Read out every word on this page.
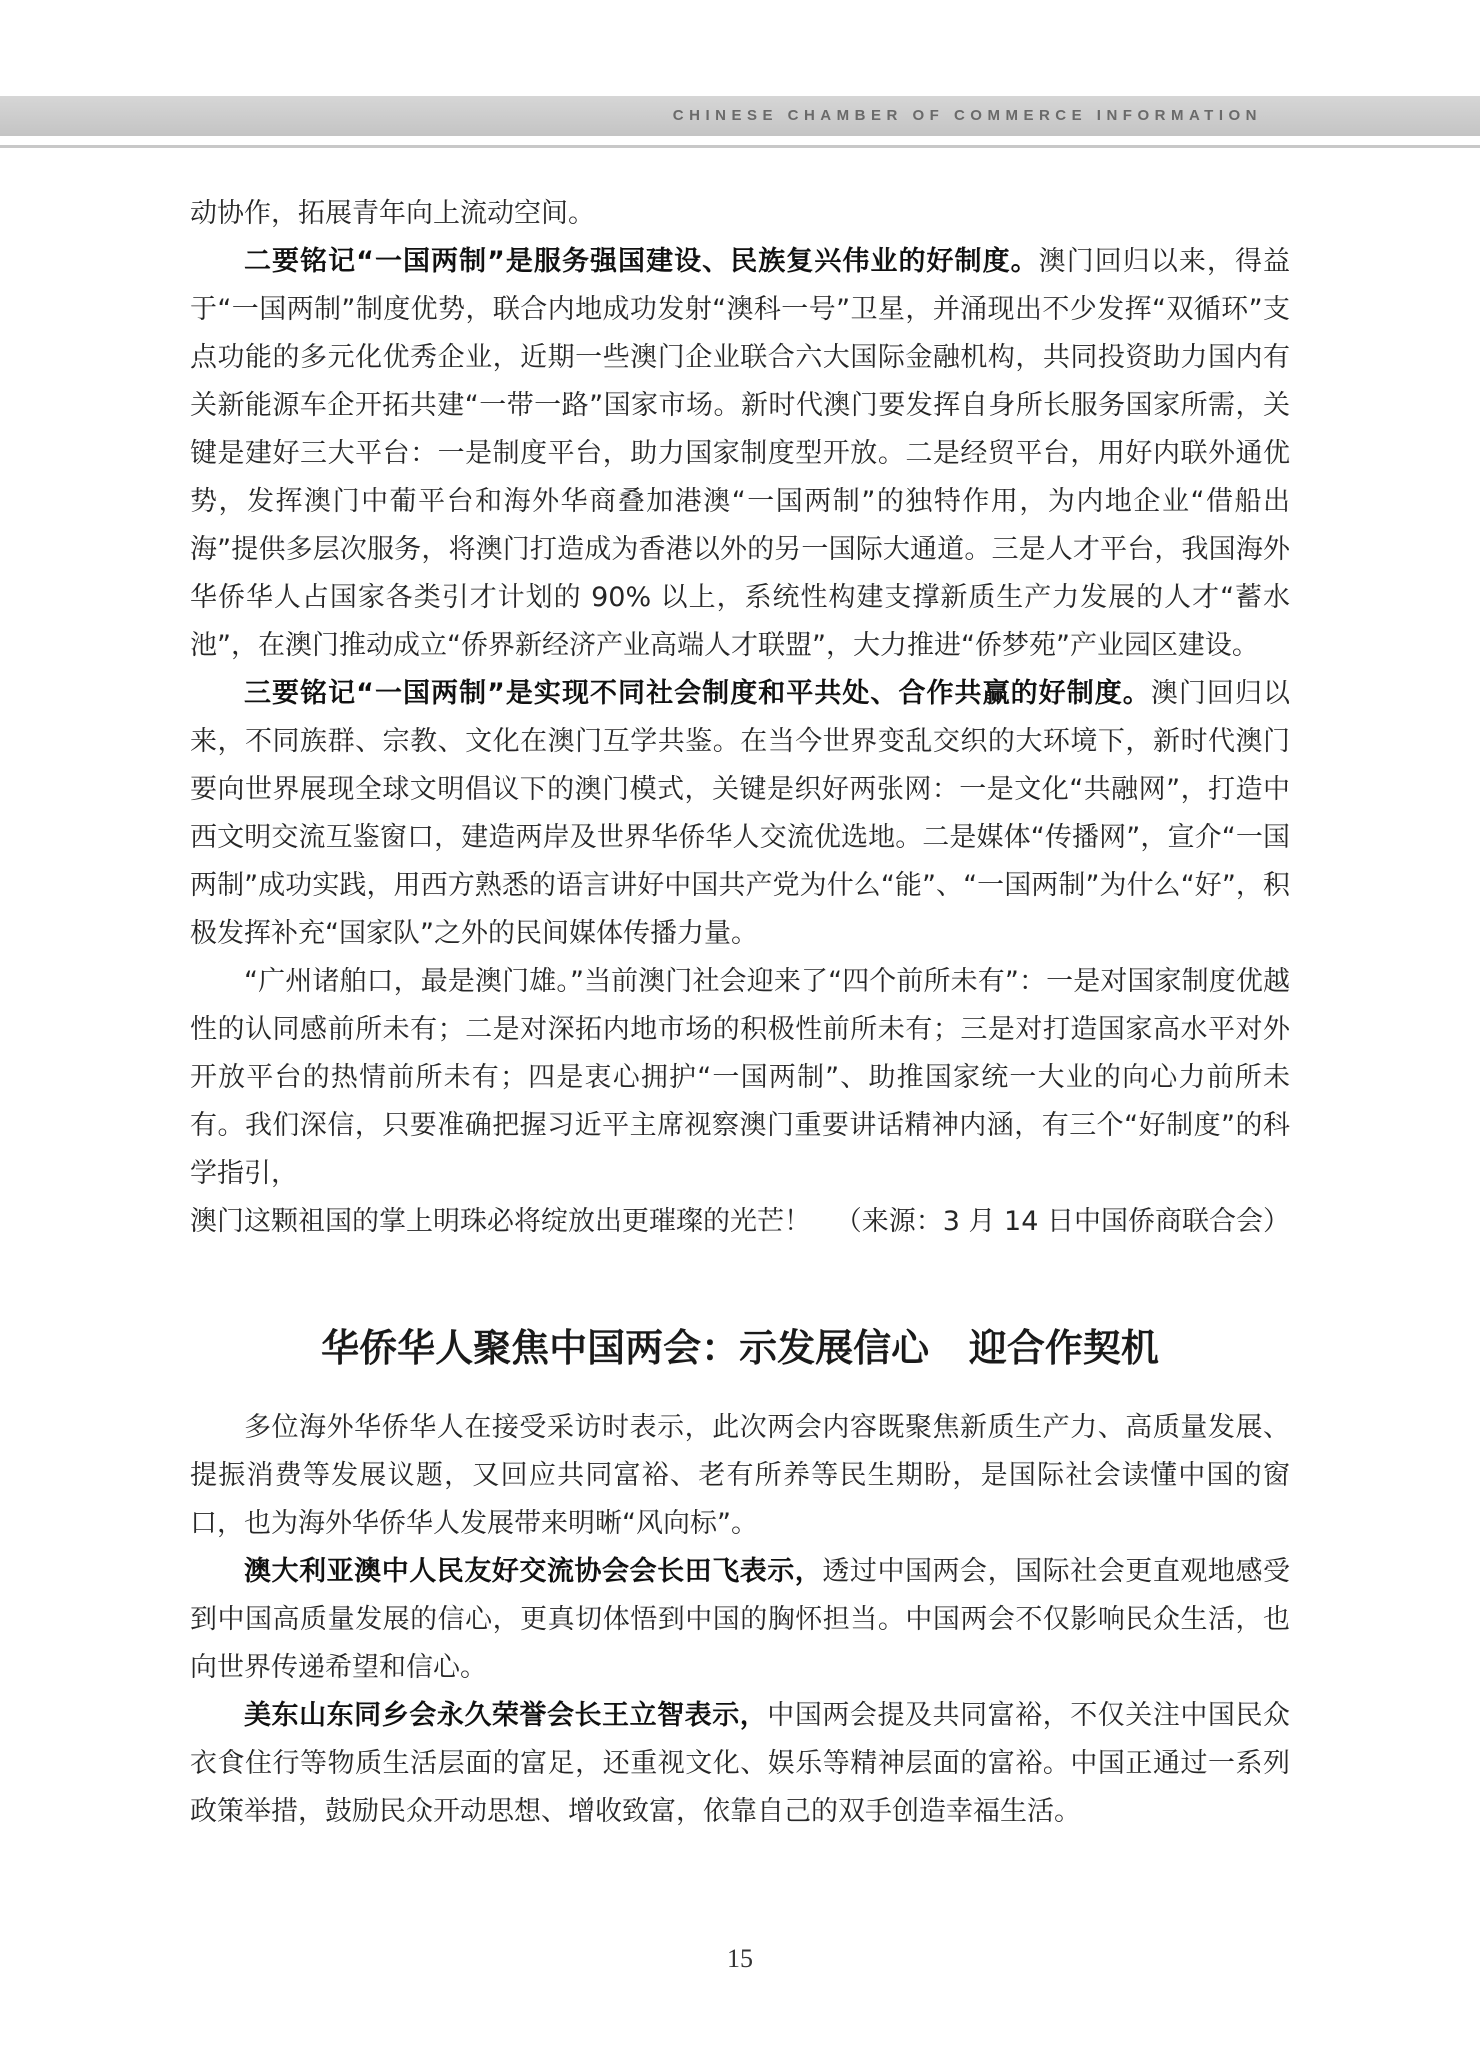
CHINESE CHAMBER OF COMMERCE INFORMATION

动协作，拓展青年向上流动空间。

二要铭记“一国两制”是服务强国建设、民族复兴伟业的好制度。澳门回归以来，得益于“一国两制”制度优势，联合内地成功发射“澳科一号”卫星，并涌现出不少发挥“双循环”支点功能的多元化优秀企业，近期一些澳门企业联合六大国际金融机构，共同投资助力国内有关新能源车企开拓共建“一带一路”国家市场。新时代澳门要发挥自身所长服务国家所需，关键是建好三大平台：一是制度平台，助力国家制度型开放。二是经贸平台，用好内联外通优势，发挥澳门中葡平台和海外华商叠加港澳“一国两制”的独特作用，为内地企业“借船出海”提供多层次服务，将澳门打造成为香港以外的另一国际大通道。三是人才平台，我国海外华侨华人占国家各类引才计划的 90% 以上，系统性构建支撑新质生产力发展的人才“蓄水池”，在澳门推动成立“侨界新经济产业高端人才联盟”，大力推进“侨梦苑”产业园区建设。

三要铭记“一国两制”是实现不同社会制度和平共处、合作共赢的好制度。澳门回归以来，不同族群、宗教、文化在澳门互学共鉴。在当今世界变乱交织的大环境下，新时代澳门要向世界展现全球文明倡议下的澳门模式，关键是织好两张网：一是文化“共融网”，打造中西文明交流互鉴窗口，建造两岸及世界华侨华人交流优选地。二是媒体“传播网”，宣介“一国两制”成功实践，用西方熟悉的语言讲好中国共产党为什么“能”、“一国两制”为什么“好”，积极发挥补充“国家队”之外的民间媒体传播力量。

“广州诸舶口，最是澳门雄。”当前澳门社会迎来了“四个前所未有”：一是对国家制度优越性的认同感前所未有；二是对深拓内地市场的积极性前所未有；三是对打造国家高水平对外开放平台的热情前所未有；四是衷心拥护“一国两制”、助推国家统一大业的向心力前所未有。我们深信，只要准确把握习近平主席视察澳门重要讲话精神内涵，有三个“好制度”的科学指引，

澳门这颗祖国的掌上明珠必将绽放出更璀璨的光芒！ （来源：3 月 14 日中国侨商联合会）
华侨华人聚焦中国两会：示发展信心   迎合作契机

多位海外华侨华人在接受采访时表示，此次两会内容既聚焦新质生产力、高质量发展、提振消费等发展议题，又回应共同富裕、老有所养等民生期盼，是国际社会读懂中国的窗口，也为海外华侨华人发展带来明晰“风向标”。

澳大利亚澳中人民友好交流协会会长田飞表示，透过中国两会，国际社会更直观地感受到中国高质量发展的信心，更真切体悟到中国的胸怀担当。中国两会不仅影响民众生活，也向世界传递希望和信心。

美东山东同乡会永久荣誉会长王立智表示，中国两会提及共同富裕，不仅关注中国民众衣食住行等物质生活层面的富足，还重视文化、娱乐等精神层面的富裕。中国正通过一系列政策举措，鼓励民众开动思想、增收致富，依靠自己的双手创造幸福生活。

15
